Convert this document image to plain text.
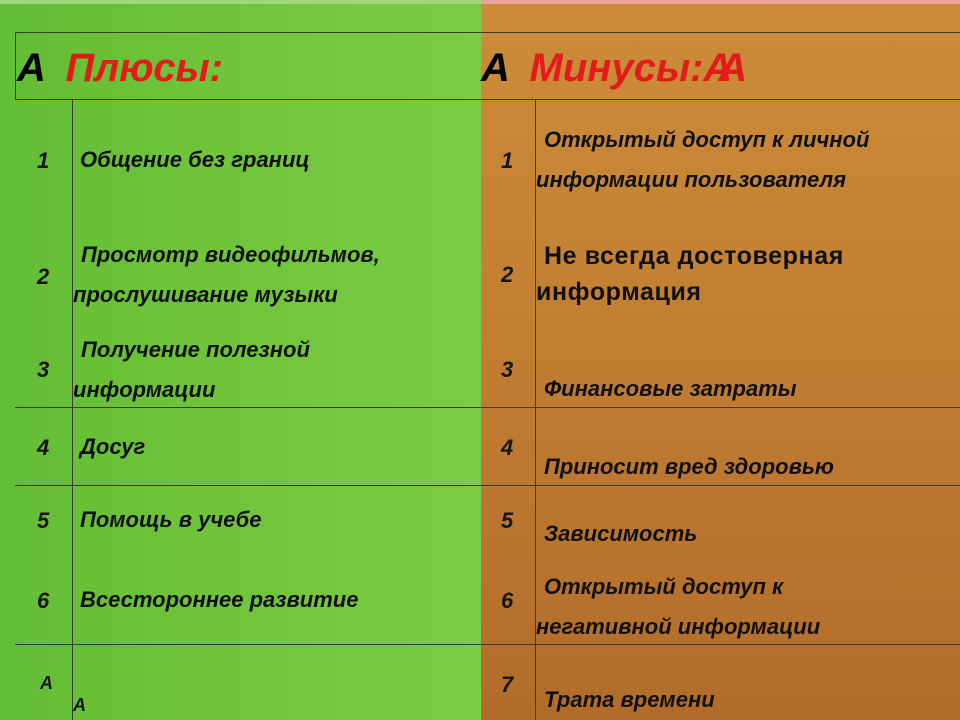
A Плюсы:	A Минусы:AA
1 Общение без границ
2
Просмотр видеофильмов,
прослушивание музыки
3
Получение полезной
информации
4 Досуг
5 Помощь в учебе
6 Всестороннее развитие
A
A
1
Открытый доступ к личной
информации пользователя
2
Не всегда достоверная
информация
3
Финансовые затраты
4
Приносит вред здоровью
5
Зависимость
6
Открытый доступ к
негативной информации
7
Трата времени
